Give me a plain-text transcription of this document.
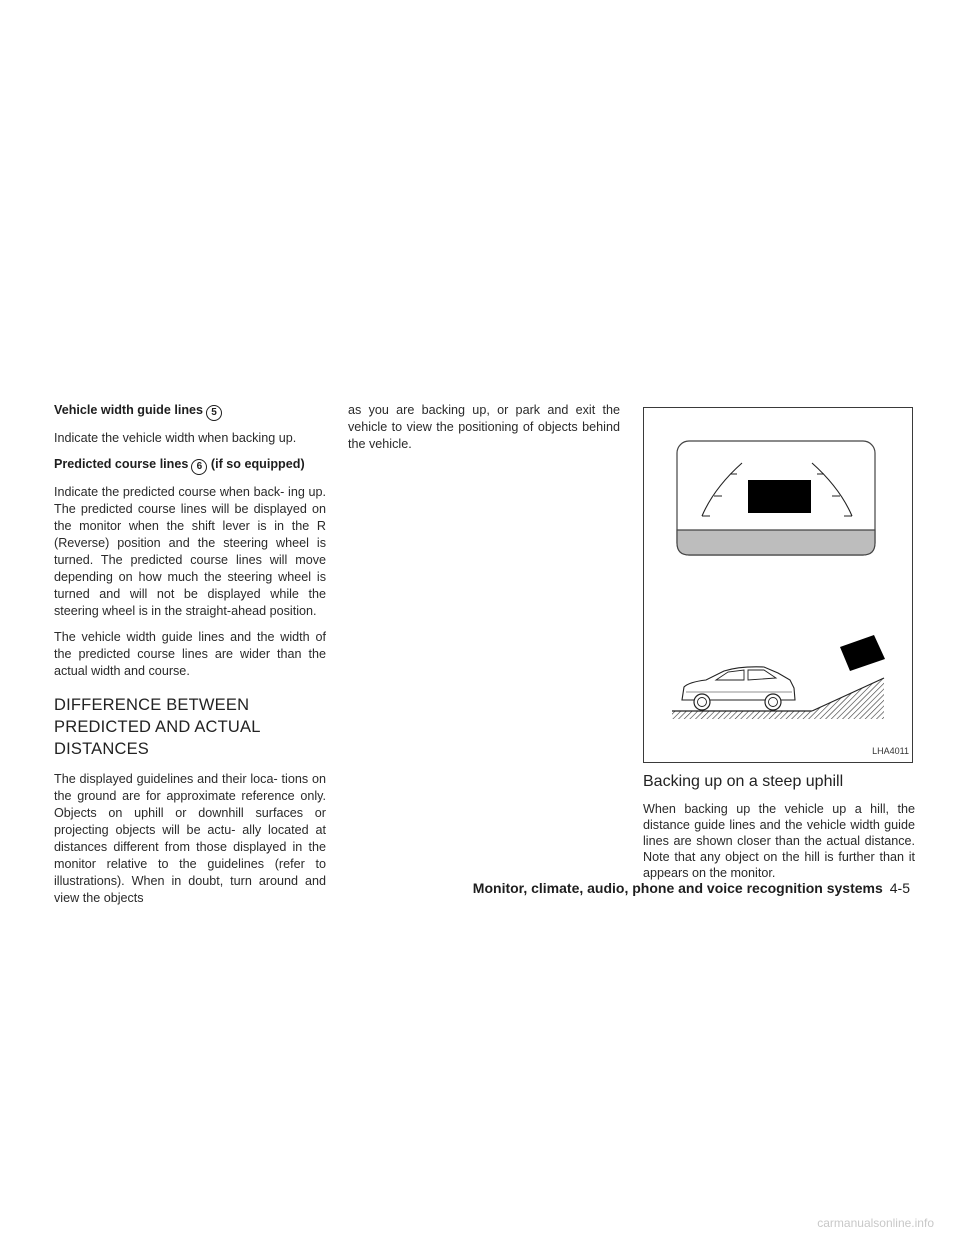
Vehicle width guide lines 5

Indicate the vehicle width when backing up.

Predicted course lines 6 (if so equipped)

Indicate the predicted course when back- ing up. The predicted course lines will be displayed on the monitor when the shift lever is in the R (Reverse) position and the steering wheel is turned. The predicted course lines will move depending on how much the steering wheel is turned and will not be displayed while the steering wheel is in the straight-ahead position.

The vehicle width guide lines and the width of the predicted course lines are wider than the actual width and course.

DIFFERENCE BETWEEN PREDICTED AND ACTUAL DISTANCES

The displayed guidelines and their loca- tions on the ground are for approximate reference only. Objects on uphill or downhill surfaces or projecting objects will be actu- ally located at distances different from those displayed in the monitor relative to the guidelines (refer to illustrations). When in doubt, turn around and view the objects

as you are backing up, or park and exit the vehicle to view the positioning of objects behind the vehicle.

LHA4011
Backing up on a steep uphill

When backing up the vehicle up a hill, the distance guide lines and the vehicle width guide lines are shown closer than the actual distance. Note that any object on the hill is further than it appears on the monitor.

Monitor, climate, audio, phone and voice recognition systems 4-5
carmanualsonline.info
